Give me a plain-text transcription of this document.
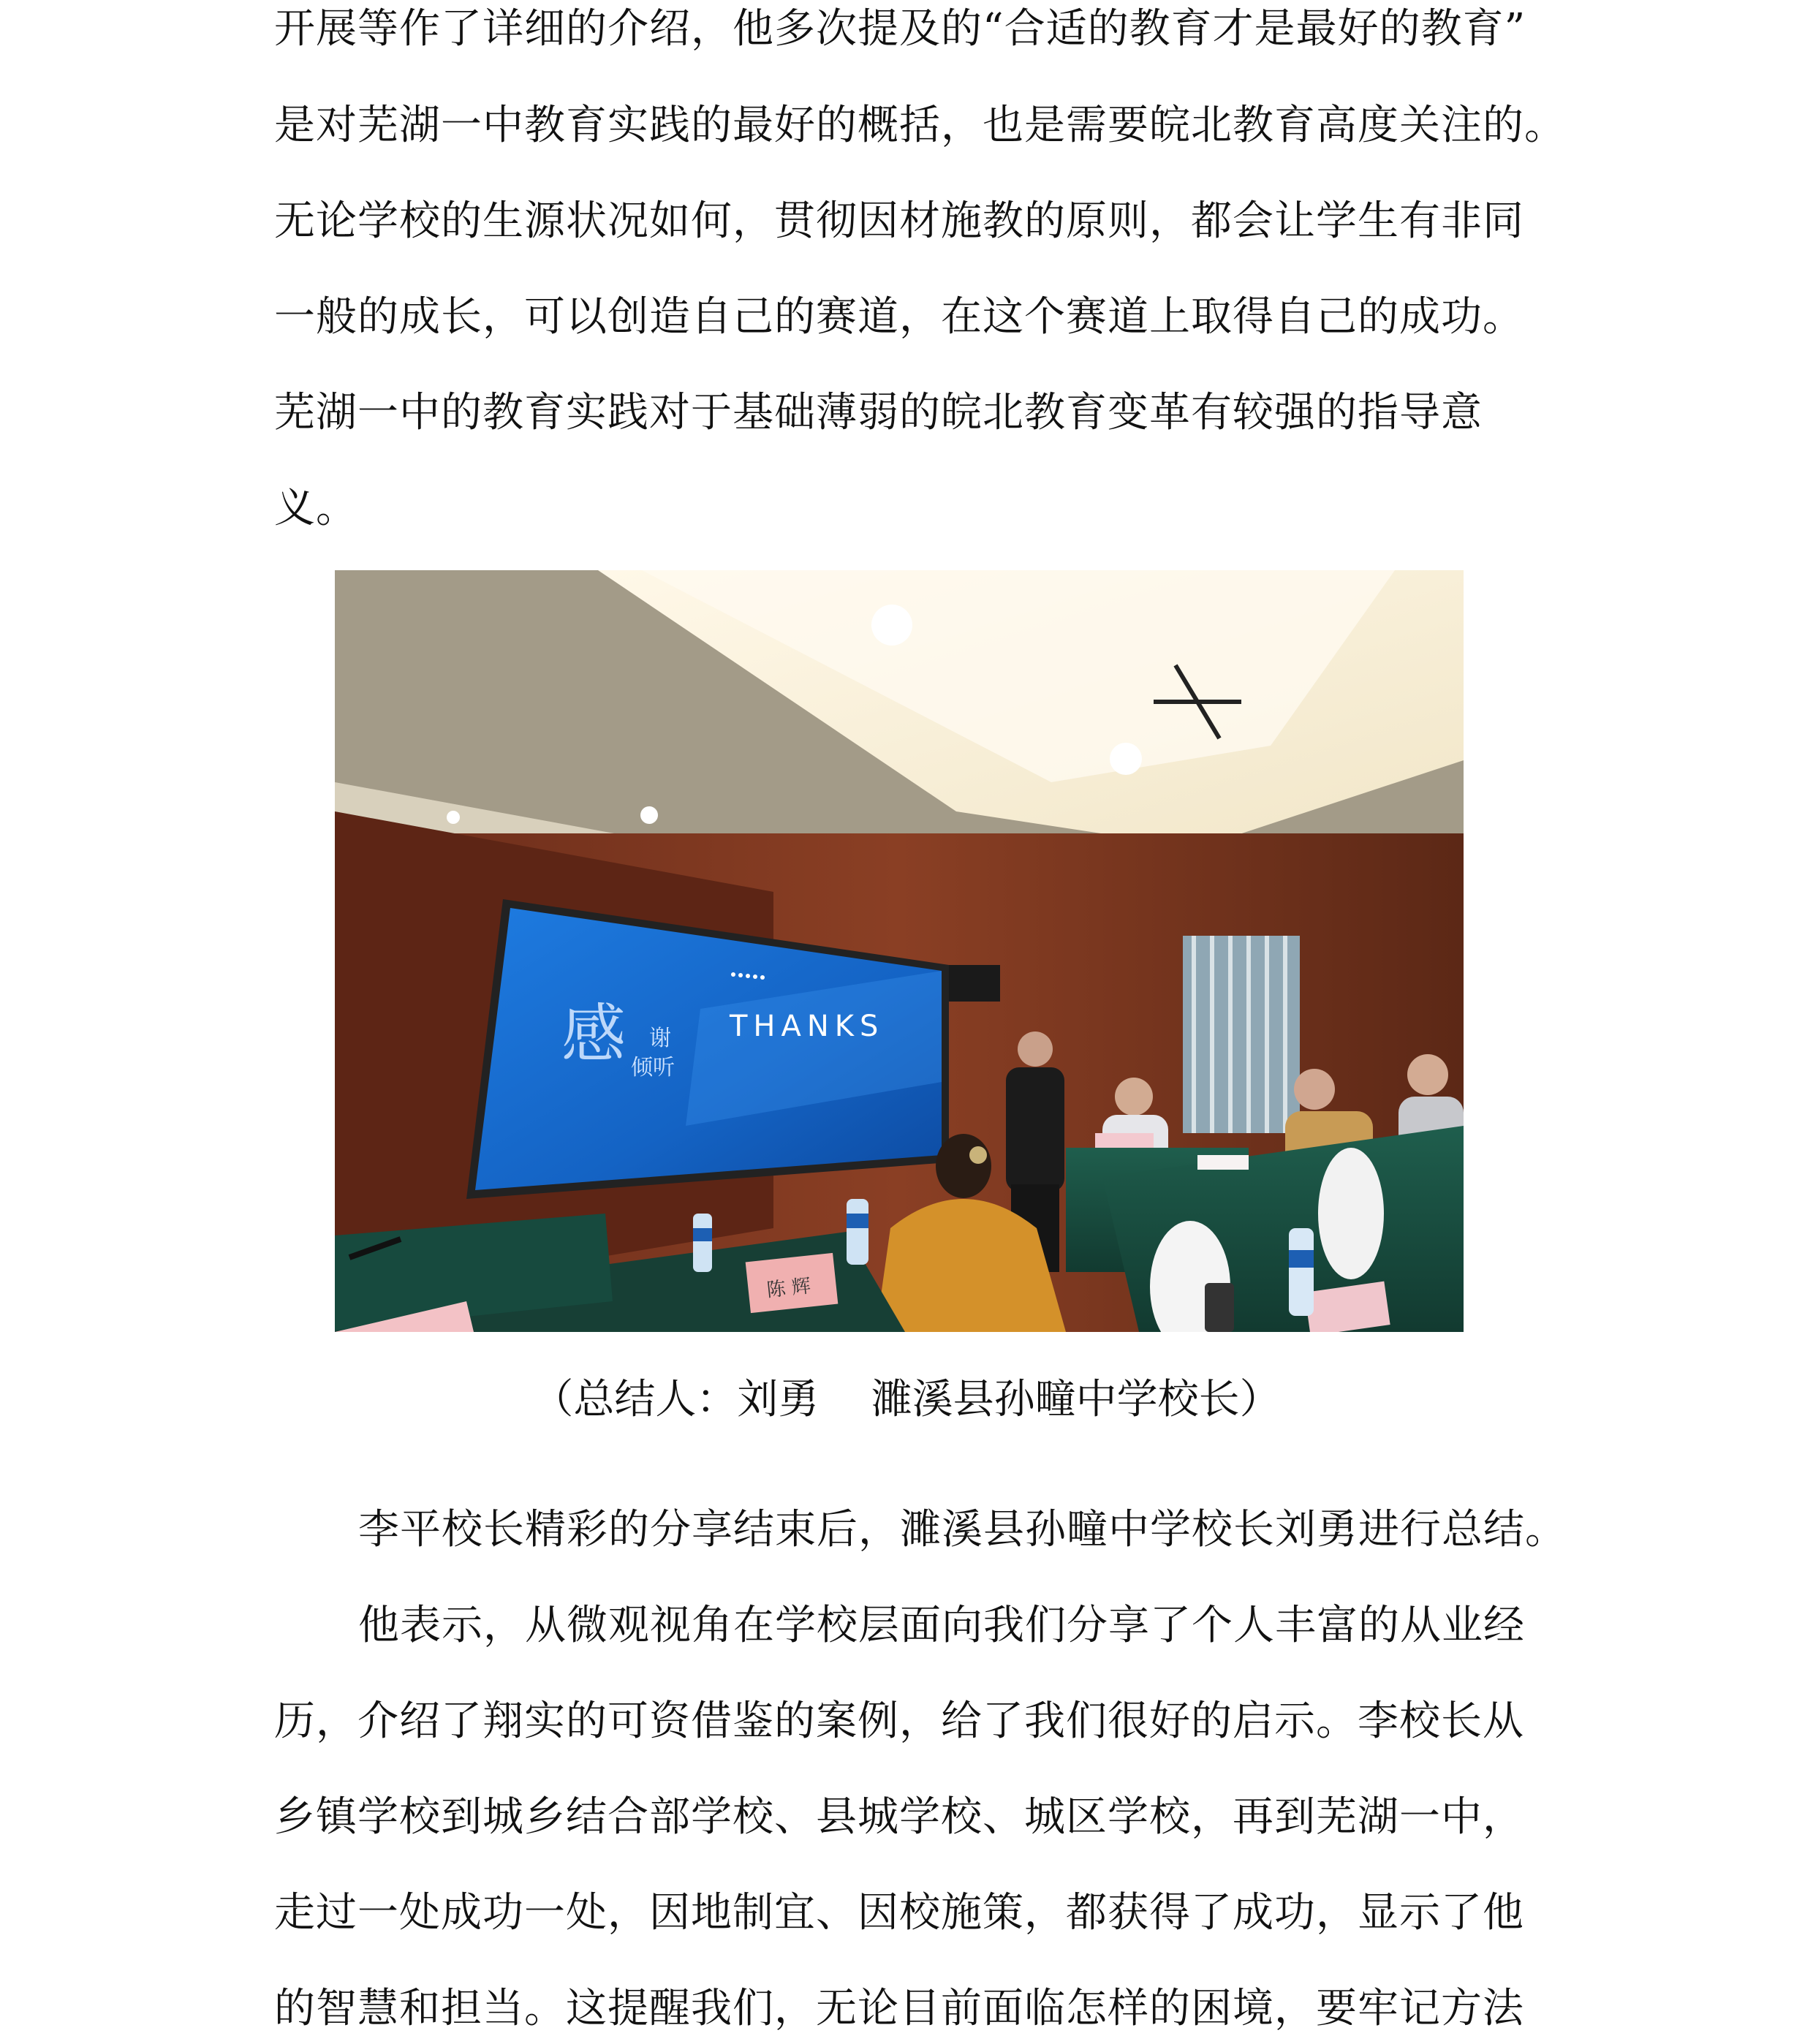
开展等作了详细的介绍，他多次提及的“合适的教育才是最好的教育”
是对芜湖一中教育实践的最好的概括，也是需要皖北教育高度关注的。
无论学校的生源状况如何，贯彻因材施教的原则，都会让学生有非同
一般的成长，可以创造自己的赛道，在这个赛道上取得自己的成功。
芜湖一中的教育实践对于基础薄弱的皖北教育变革有较强的指导意
义。
THANKS
感 谢
倾听
陈 辉
（总结人：刘勇    濉溪县孙疃中学校长）
李平校长精彩的分享结束后，濉溪县孙疃中学校长刘勇进行总结。
他表示，从微观视角在学校层面向我们分享了个人丰富的从业经
历，介绍了翔实的可资借鉴的案例，给了我们很好的启示。李校长从
乡镇学校到城乡结合部学校、县城学校、城区学校，再到芜湖一中，
走过一处成功一处，因地制宜、因校施策，都获得了成功，显示了他
的智慧和担当。这提醒我们，无论目前面临怎样的困境，要牢记方法
